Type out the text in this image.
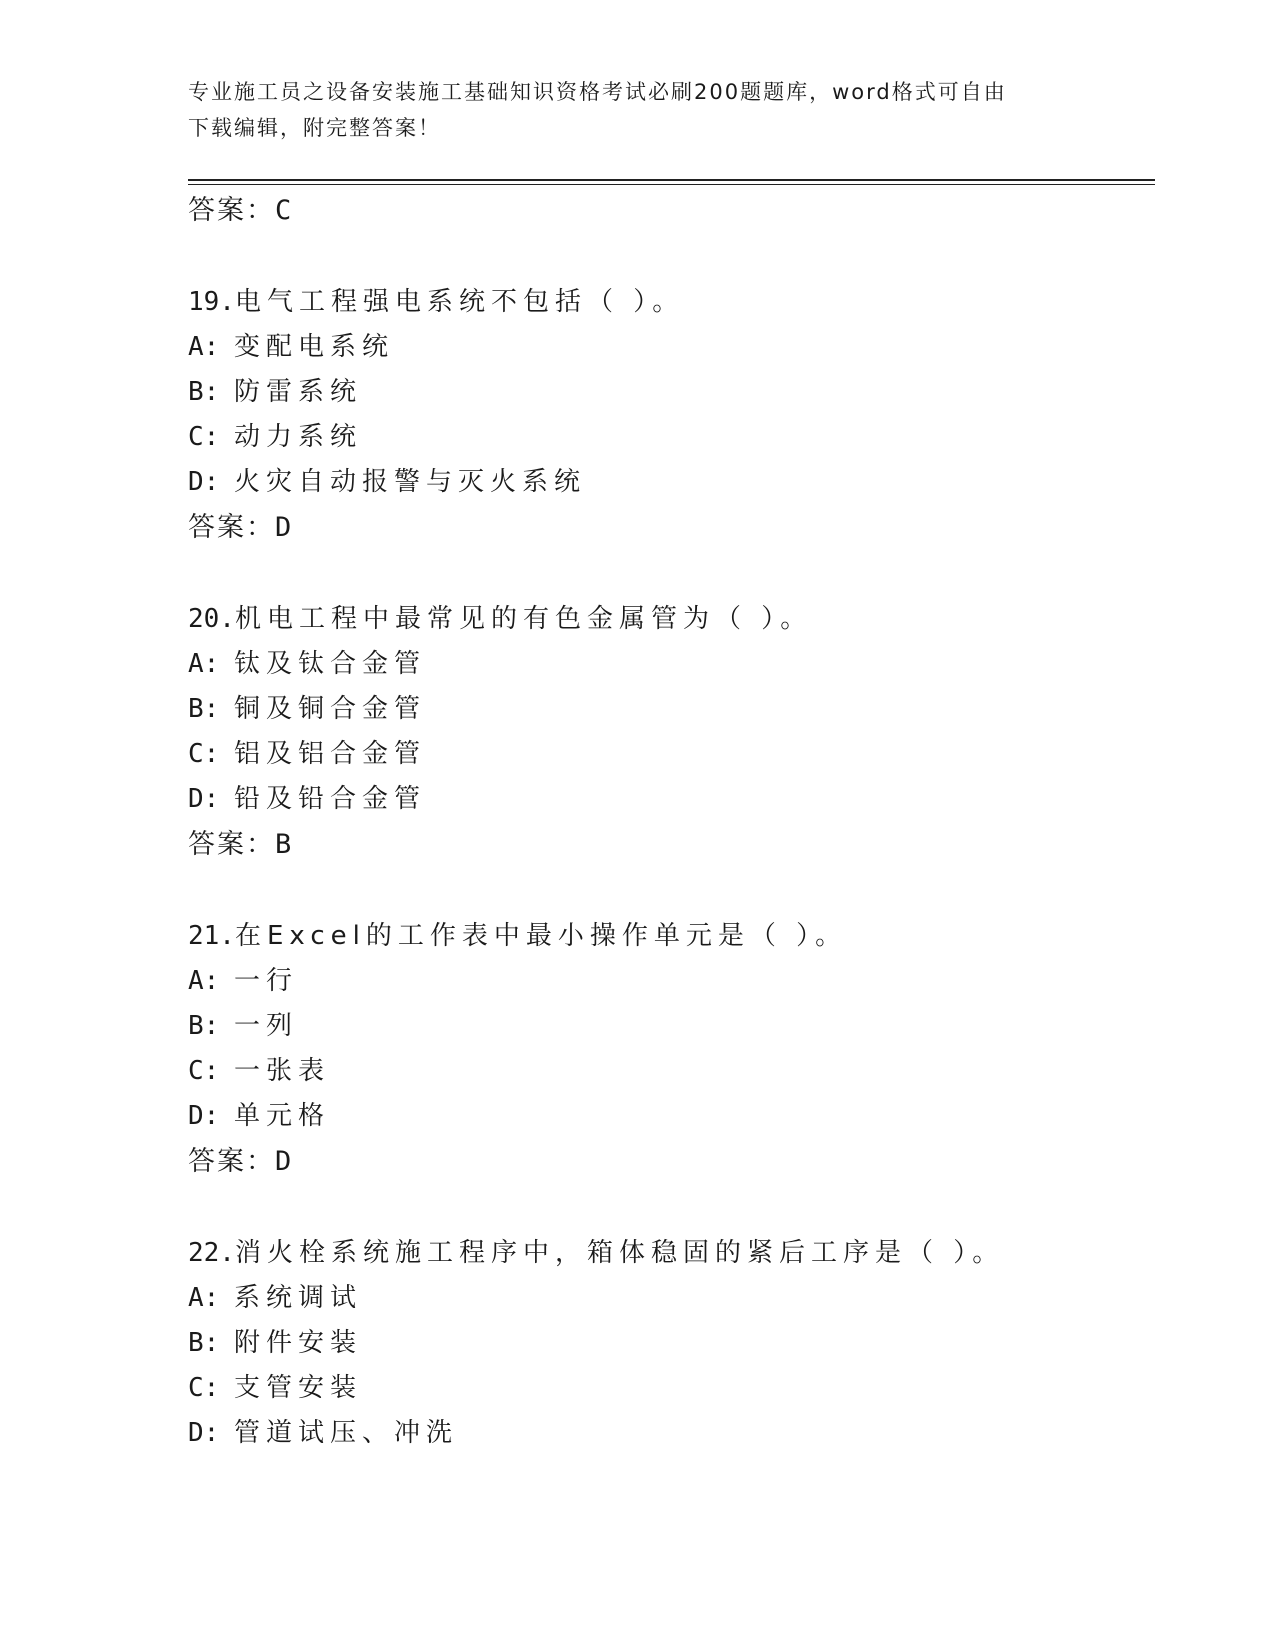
专业施工员之设备安装施工基础知识资格考试必刷200题题库，word格式可自由
下载编辑，附完整答案！
答案：C
19.电气工程强电系统不包括（ ）。
A: 变配电系统
B: 防雷系统
C: 动力系统
D: 火灾自动报警与灭火系统
答案：D
20.机电工程中最常见的有色金属管为（ ）。
A: 钛及钛合金管
B: 铜及铜合金管
C: 铝及铝合金管
D: 铅及铅合金管
答案：B
21.在Excel的工作表中最小操作单元是（ ）。
A: 一行
B: 一列
C: 一张表
D: 单元格
答案：D
22.消火栓系统施工程序中，箱体稳固的紧后工序是（ ）。
A: 系统调试
B: 附件安装
C: 支管安装
D: 管道试压、冲洗
